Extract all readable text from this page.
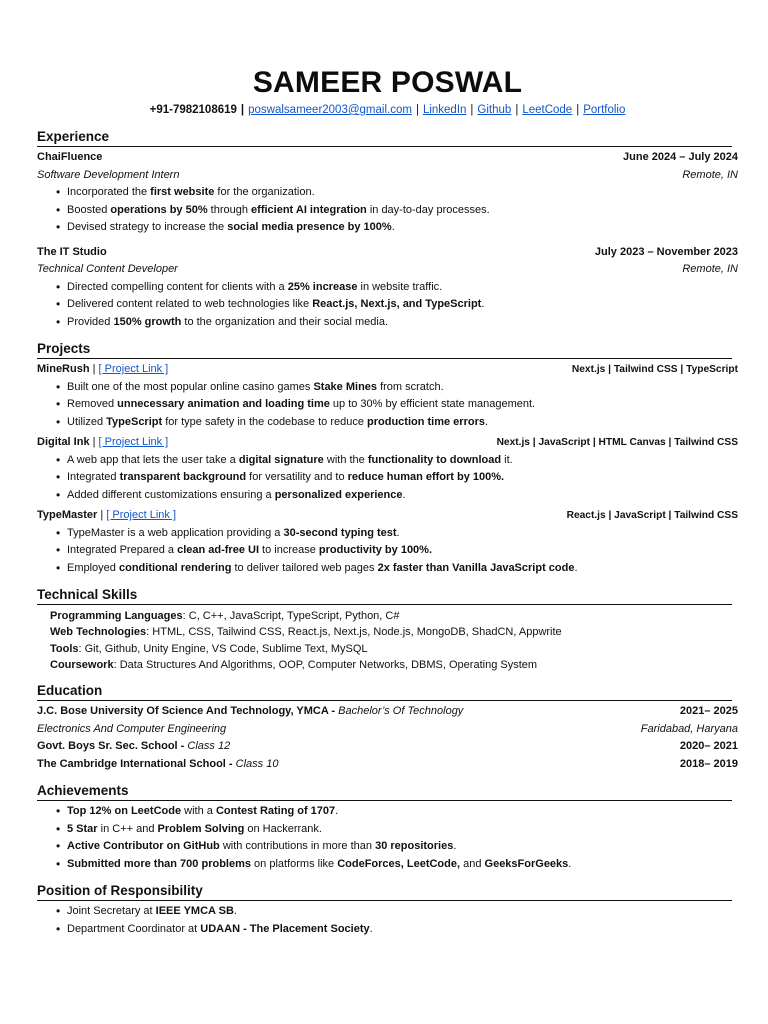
SAMEER POSWAL
+91-7982108619 | poswalsameer2003@gmail.com | LinkedIn | Github | LeetCode | Portfolio
Experience
ChaiFluence	June 2024 – July 2024
Software Development Intern	Remote, IN
• Incorporated the first website for the organization.
• Boosted operations by 50% through efficient AI integration in day-to-day processes.
• Devised strategy to increase the social media presence by 100%.
The IT Studio	July 2023 – November 2023
Technical Content Developer	Remote, IN
• Directed compelling content for clients with a 25% increase in website traffic.
• Delivered content related to web technologies like React.js, Next.js, and TypeScript.
• Provided 150% growth to the organization and their social media.
Projects
MineRush | [ Project Link ]	Next.js | Tailwind CSS | TypeScript
• Built one of the most popular online casino games Stake Mines from scratch.
• Removed unnecessary animation and loading time up to 30% by efficient state management.
• Utilized TypeScript for type safety in the codebase to reduce production time errors.
Digital Ink | [ Project Link ]	Next.js | JavaScript | HTML Canvas | Tailwind CSS
• A web app that lets the user take a digital signature with the functionality to download it.
• Integrated transparent background for versatility and to reduce human effort by 100%.
• Added different customizations ensuring a personalized experience.
TypeMaster | [ Project Link ]	React.js | JavaScript | Tailwind CSS
• TypeMaster is a web application providing a 30-second typing test.
• Integrated Prepared a clean ad-free UI to increase productivity by 100%.
• Employed conditional rendering to deliver tailored web pages 2x faster than Vanilla JavaScript code.
Technical Skills
Programming Languages: C, C++, JavaScript, TypeScript, Python, C#
Web Technologies: HTML, CSS, Tailwind CSS, React.js, Next.js, Node.js, MongoDB, ShadCN, Appwrite
Tools: Git, Github, Unity Engine, VS Code, Sublime Text, MySQL
Coursework: Data Structures And Algorithms, OOP, Computer Networks, DBMS, Operating System
Education
J.C. Bose University Of Science And Technology, YMCA - Bachelor’s Of Technology	2021– 2025
Electronics And Computer Engineering	Faridabad, Haryana
Govt. Boys Sr. Sec. School - Class 12	2020– 2021
The Cambridge International School - Class 10	2018– 2019
Achievements
• Top 12% on LeetCode with a Contest Rating of 1707.
• 5 Star in C++ and Problem Solving on Hackerrank.
• Active Contributor on GitHub with contributions in more than 30 repositories.
• Submitted more than 700 problems on platforms like CodeForces, LeetCode, and GeeksForGeeks.
Position of Responsibility
• Joint Secretary at IEEE YMCA SB.
• Department Coordinator at UDAAN - The Placement Society.
